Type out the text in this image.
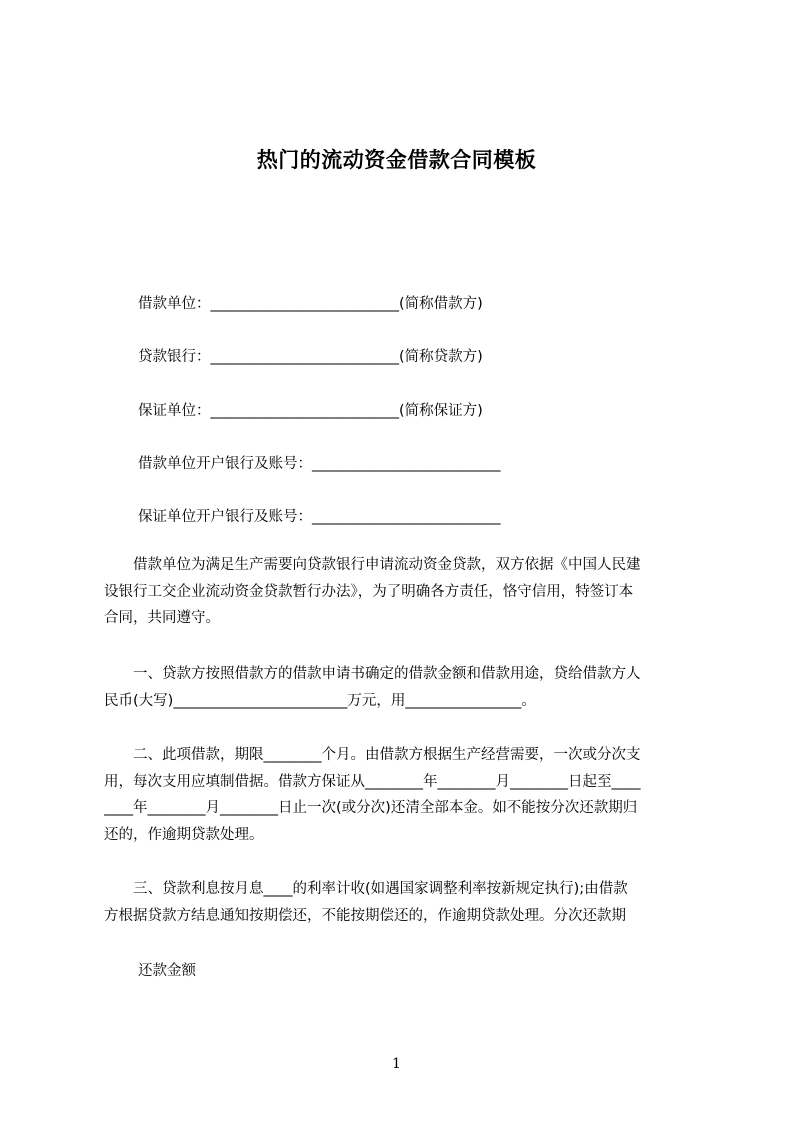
热门的流动资金借款合同模板
借款单位：__________________________(简称借款方)
贷款银行：__________________________(简称贷款方)
保证单位：__________________________(简称保证方)
借款单位开户银行及账号：__________________________
保证单位开户银行及账号：__________________________
　　借款单位为满足生产需要向贷款银行申请流动资金贷款，双方依据《中国人民建
设银行工交企业流动资金贷款暂行办法》，为了明确各方责任，恪守信用，特签订本
合同，共同遵守。
　　一、贷款方按照借款方的借款申请书确定的借款金额和借款用途，贷给借款方人
民币(大写)________________________万元，用________________。
　　二、此项借款，期限________个月。由借款方根据生产经营需要，一次或分次支
用，每次支用应填制借据。借款方保证从________年________月________日起至____
____年________月________日止一次(或分次)还清全部本金。如不能按分次还款期归
还的，作逾期贷款处理。
　　三、贷款利息按月息____的利率计收(如遇国家调整利率按新规定执行);由借款
方根据贷款方结息通知按期偿还，不能按期偿还的，作逾期贷款处理。分次还款期
还款金额
1
